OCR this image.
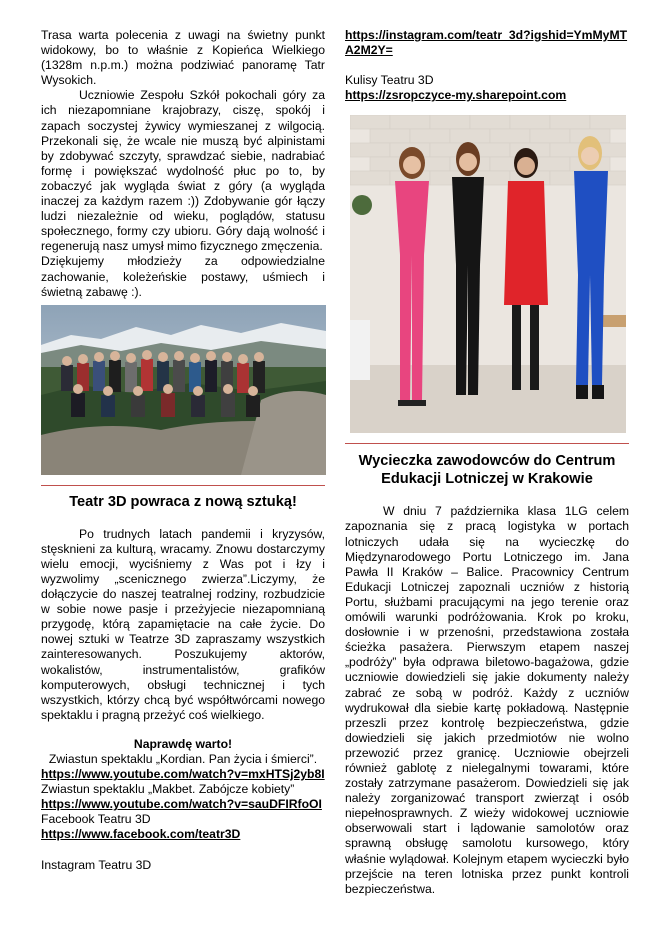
Trasa warta polecenia z uwagi na świetny punkt widokowy, bo to właśnie z Kopieńca Wielkiego (1328m n.p.m.) można podziwiać panoramę Tatr Wysokich.

Uczniowie Zespołu Szkół pokochali góry za ich niezapomniane krajobrazy, ciszę, spokój i zapach soczystej żywicy wymieszanej z wilgocią. Przekonali się, że wcale nie muszą być alpinistami by zdobywać szczyty, sprawdzać siebie, nadrabiać formę i powiększać wydolność płuc po to, by zobaczyć jak wygląda świat z góry (a wygląda inaczej za każdym razem :)) Zdobywanie gór łączy ludzi niezależnie od wieku, poglądów, statusu społecznego, formy czy ubioru. Góry dają wolność i regenerują nasz umysł mimo fizycznego zmęczenia.

Dziękujemy młodzieży za odpowiedzialne zachowanie, koleżeńskie postawy, uśmiech i świetną zabawę :).

Teatr 3D powraca z nową sztuką!

Po trudnych latach pandemii i kryzysów, stęsknieni za kulturą, wracamy. Znowu dostarczymy wielu emocji, wyciśniemy z Was pot i łzy i wyzwolimy „scenicznego zwierza”.Liczymy, że dołączycie do naszej teatralnej rodziny, rozbudzicie w sobie nowe pasje i przeżyjecie niezapomnianą przygodę, którą zapamiętacie na całe życie. Do nowej sztuki w Teatrze 3D zapraszamy wszystkich zainteresowanych. Poszukujemy aktorów, wokalistów, instrumentalistów, grafików komputerowych, obsługi technicznej i tych wszystkich, którzy chcą być współtwórcami nowego spektaklu i pragną przeżyć coś wielkiego.

Naprawdę warto!

Zwiastun spektaklu „Kordian. Pan życia i śmierci”.

https://www.youtube.com/watch?v=mxHTSj2yb8I

Zwiastun spektaklu „Makbet. Zabójcze kobiety”

https://www.youtube.com/watch?v=sauDFIRfoOI

Facebook Teatru 3D

https://www.facebook.com/teatr3D

Instagram Teatru 3D

https://instagram.com/teatr_3d?igshid=YmMyMTA2M2Y=

Kulisy Teatru 3D

https://zsropczyce-my.sharepoint.com
Wycieczka zawodowców do Centrum Edukacji Lotniczej w Krakowie

W dniu 7 października klasa 1LG celem zapoznania się z pracą logistyka w portach lotniczych udała się na wycieczkę do Międzynarodowego Portu Lotniczego im. Jana Pawła II Kraków – Balice. Pracownicy Centrum Edukacji Lotniczej zapoznali uczniów z historią Portu, służbami pracującymi na jego terenie oraz omówili warunki podróżowania. Krok po kroku, dosłownie i w przenośni, przedstawiona została ścieżka pasażera. Pierwszym etapem naszej „podróży” była odprawa biletowo-bagażowa, gdzie uczniowie dowiedzieli się jakie dokumenty należy zabrać ze sobą w podróż. Każdy z uczniów wydrukował dla siebie kartę pokładową. Następnie przeszli przez kontrolę bezpieczeństwa, gdzie dowiedzieli się jakich przedmiotów nie wolno przewozić przez granicę. Uczniowie obejrzeli również gablotę z nielegalnymi towarami, które zostały zatrzymane pasażerom. Dowiedzieli się jak należy zorganizować transport zwierząt i osób niepełnosprawnych. Z wieży widokowej uczniowie obserwowali start i lądowanie samolotów oraz sprawną obsługę samolotu kursowego, który właśnie wylądował. Kolejnym etapem wycieczki było przejście na teren lotniska przez punkt kontroli bezpieczeństwa.
